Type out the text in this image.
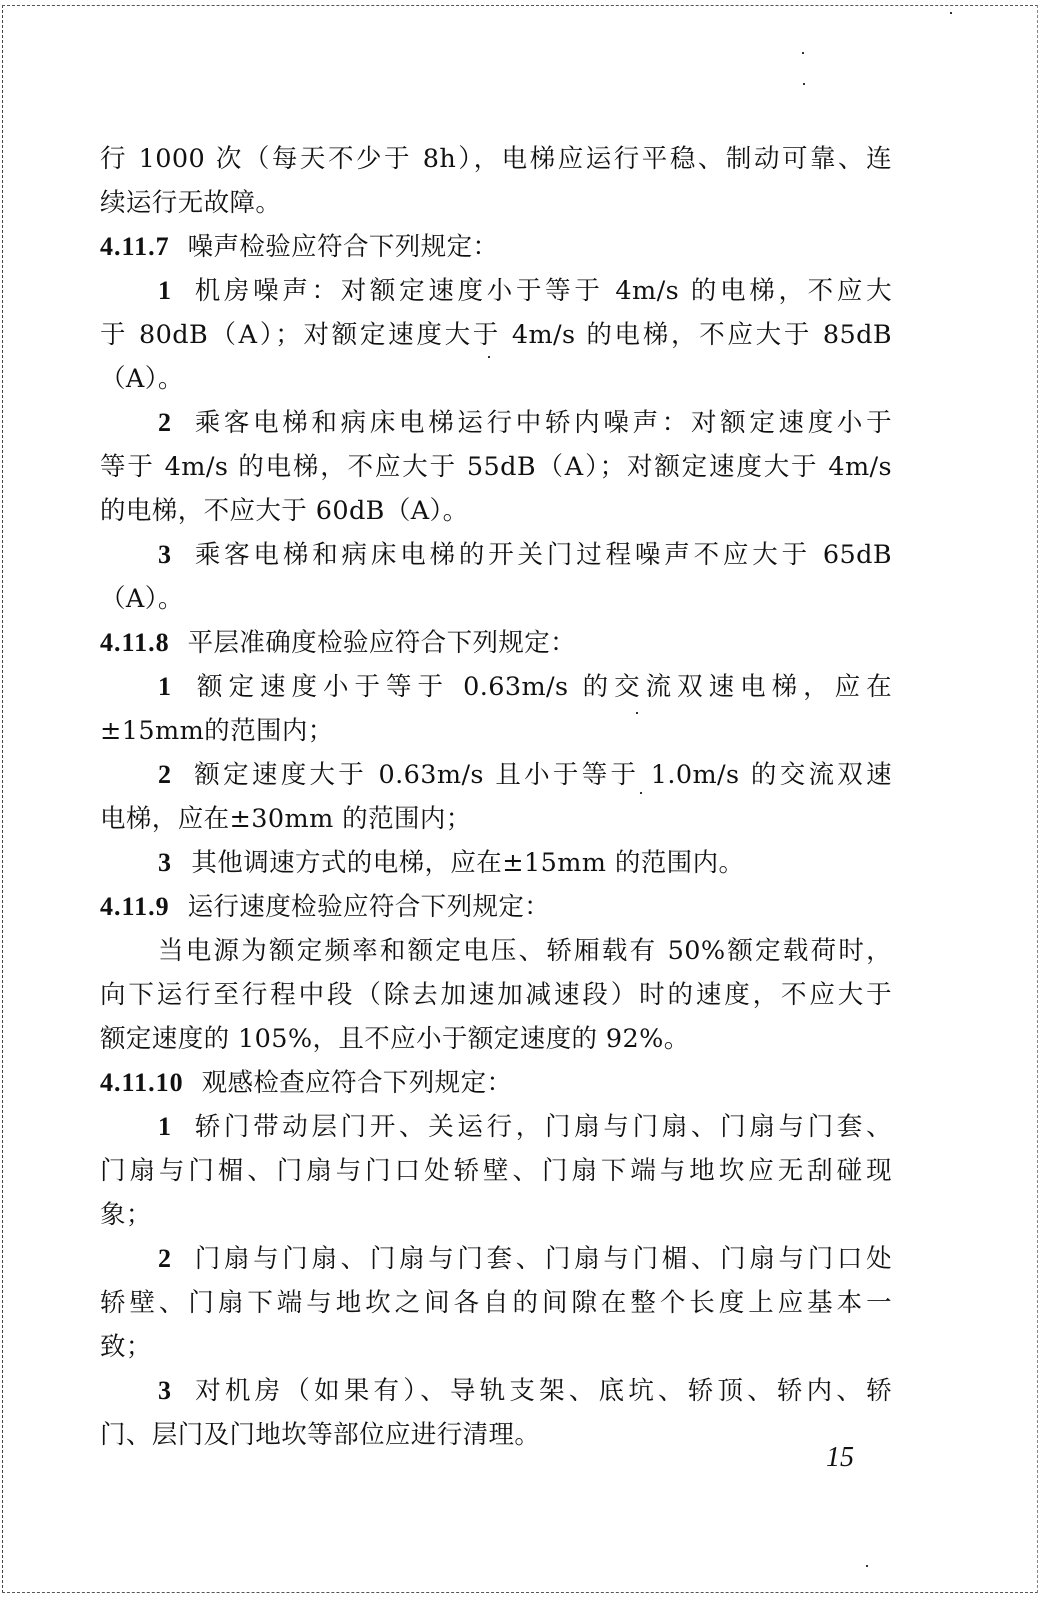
行 1000 次（每天不少于 8h），电梯应运行平稳、制动可靠、连
续运行无故障。
4.11.7 噪声检验应符合下列规定：
1 机房噪声：对额定速度小于等于 4m/s 的电梯，不应大
于 80dB（A）；对额定速度大于 4m/s 的电梯，不应大于 85dB
（A）。
2 乘客电梯和病床电梯运行中轿内噪声：对额定速度小于
等于 4m/s 的电梯，不应大于 55dB（A）；对额定速度大于 4m/s
的电梯，不应大于 60dB（A）。
3 乘客电梯和病床电梯的开关门过程噪声不应大于 65dB
（A）。
4.11.8 平层准确度检验应符合下列规定：
1 额定速度小于等于 0.63m/s 的交流双速电梯，应在
±15mm的范围内；
2 额定速度大于 0.63m/s 且小于等于 1.0m/s 的交流双速
电梯，应在±30mm 的范围内；
3 其他调速方式的电梯，应在±15mm 的范围内。
4.11.9 运行速度检验应符合下列规定：
当电源为额定频率和额定电压、轿厢载有 50%额定载荷时，
向下运行至行程中段（除去加速加减速段）时的速度，不应大于
额定速度的 105%，且不应小于额定速度的 92%。
4.11.10 观感检查应符合下列规定：
1 轿门带动层门开、关运行，门扇与门扇、门扇与门套、
门扇与门楣、门扇与门口处轿壁、门扇下端与地坎应无刮碰现
象；
2 门扇与门扇、门扇与门套、门扇与门楣、门扇与门口处
轿壁、门扇下端与地坎之间各自的间隙在整个长度上应基本一
致；
3 对机房（如果有）、导轨支架、底坑、轿顶、轿内、轿
门、层门及门地坎等部位应进行清理。
15
